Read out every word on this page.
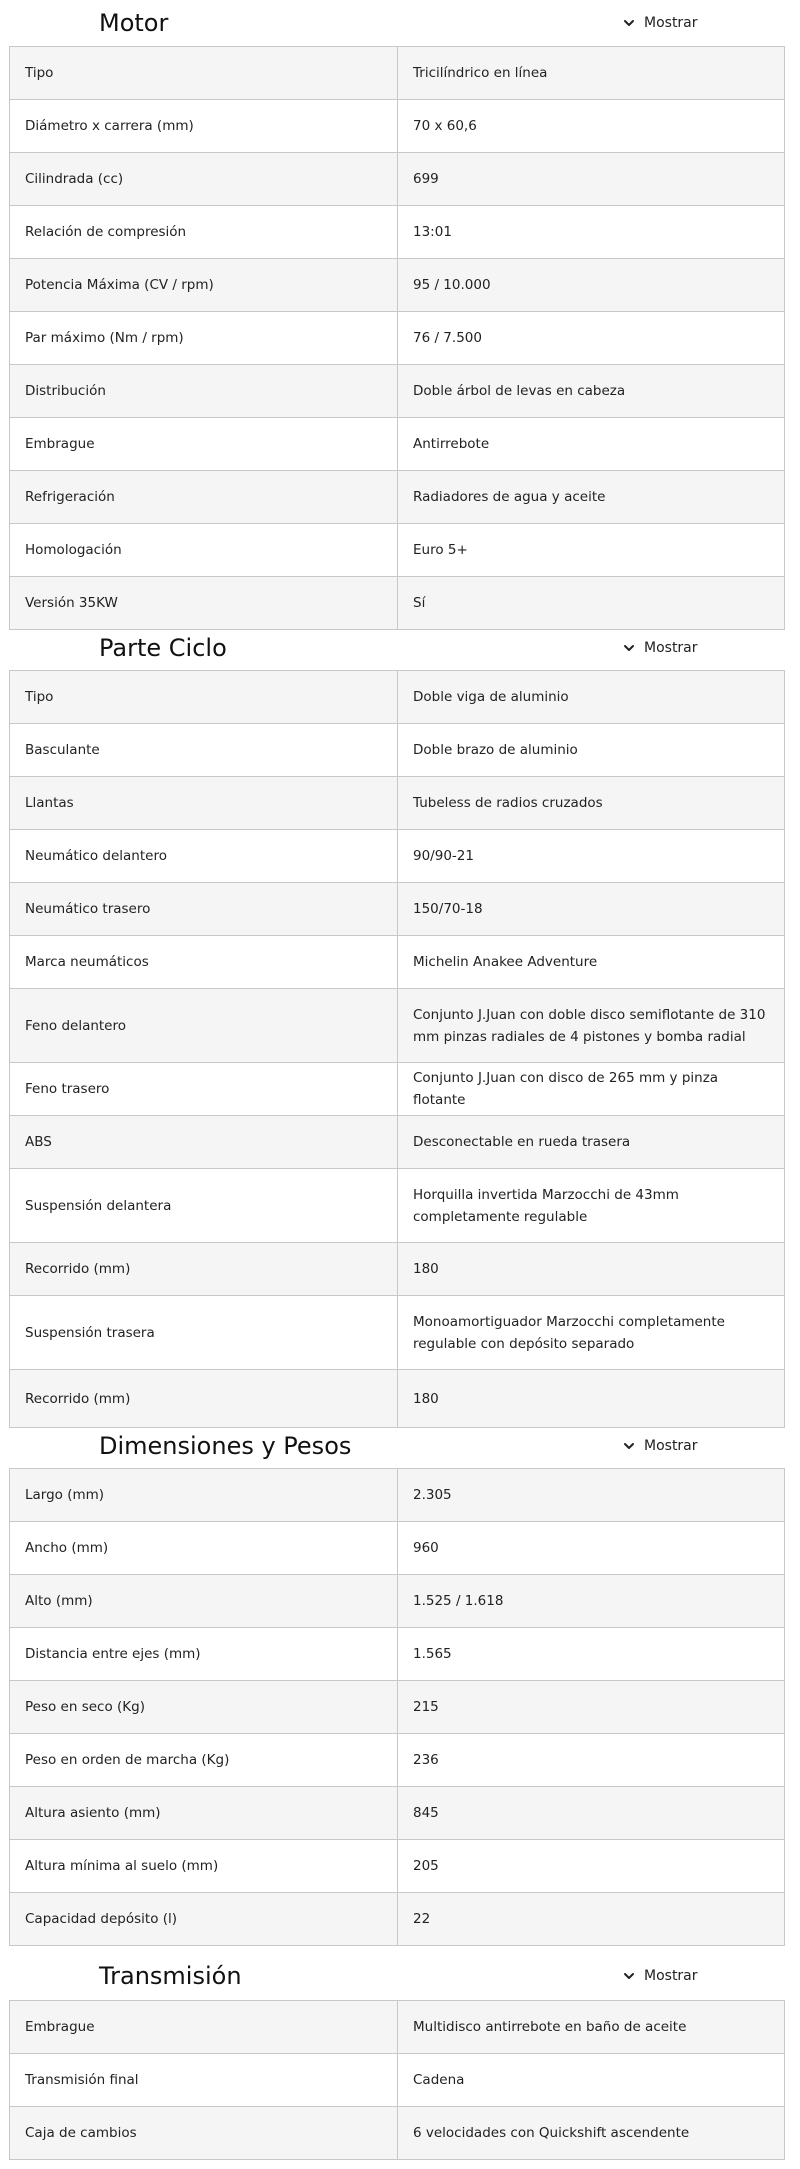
Motor	Mostrar
Tipo	Tricilíndrico en línea
Diámetro x carrera (mm)	70 x 60,6
Cilindrada (cc)	699
Relación de compresión	13:01
Potencia Máxima (CV / rpm)	95 / 10.000
Par máximo (Nm / rpm)	76 / 7.500
Distribución	Doble árbol de levas en cabeza
Embrague	Antirrebote
Refrigeración	Radiadores de agua y aceite
Homologación	Euro 5+
Versión 35KW	Sí
Parte Ciclo	Mostrar
Tipo	Doble viga de aluminio
Basculante	Doble brazo de aluminio
Llantas	Tubeless de radios cruzados
Neumático delantero	90/90-21
Neumático trasero	150/70-18
Marca neumáticos	Michelin Anakee Adventure
Feno delantero	Conjunto J.Juan con doble disco semiflotante de 310 mm pinzas radiales de 4 pistones y bomba radial
Feno trasero	Conjunto J.Juan con disco de 265 mm y pinza flotante
ABS	Desconectable en rueda trasera
Suspensión delantera	Horquilla invertida Marzocchi de 43mm completamente regulable
Recorrido (mm)	180
Suspensión trasera	Monoamortiguador Marzocchi completamente regulable con depósito separado
Recorrido (mm)	180
Dimensiones y Pesos	Mostrar
Largo (mm)	2.305
Ancho (mm)	960
Alto (mm)	1.525 / 1.618
Distancia entre ejes (mm)	1.565
Peso en seco (Kg)	215
Peso en orden de marcha (Kg)	236
Altura asiento (mm)	845
Altura mínima al suelo (mm)	205
Capacidad depósito (l)	22
Transmisión	Mostrar
Embrague	Multidisco antirrebote en baño de aceite
Transmisión final	Cadena
Caja de cambios	6 velocidades con Quickshift ascendente
